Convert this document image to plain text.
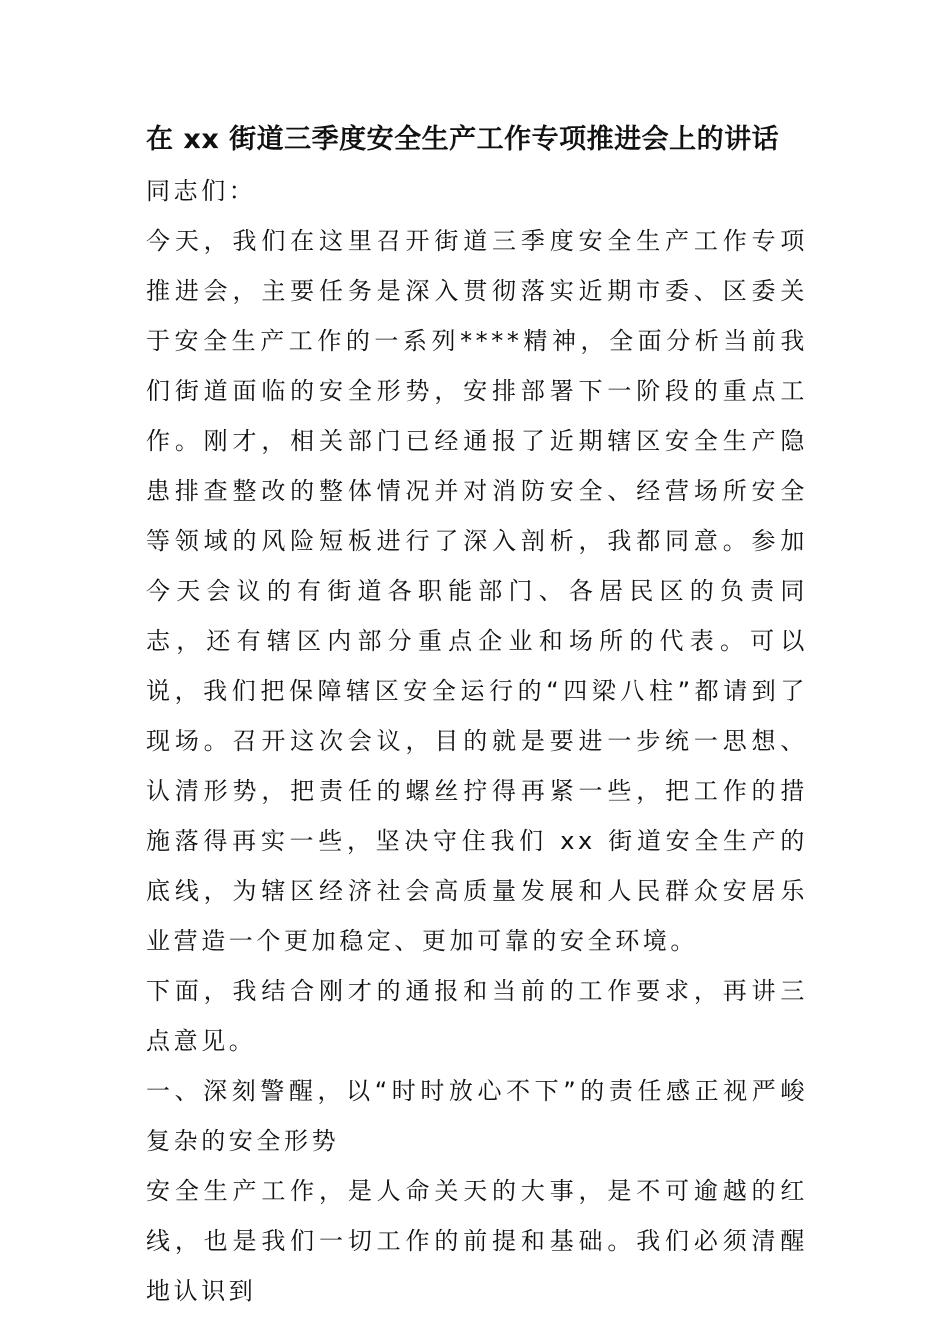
在 xx 街道三季度安全生产工作专项推进会上的讲话

同志们：

今天，我们在这里召开街道三季度安全生产工作专项推进会，主要任务是深入贯彻落实近期市委、区委关于安全生产工作的一系列****精神，全面分析当前我们街道面临的安全形势，安排部署下一阶段的重点工作。刚才，相关部门已经通报了近期辖区安全生产隐患排查整改的整体情况并对消防安全、经营场所安全等领域的风险短板进行了深入剖析，我都同意。参加今天会议的有街道各职能部门、各居民区的负责同志，还有辖区内部分重点企业和场所的代表。可以说，我们把保障辖区安全运行的“四梁八柱”都请到了现场。召开这次会议，目的就是要进一步统一思想、认清形势，把责任的螺丝拧得再紧一些，把工作的措施落得再实一些，坚决守住我们 xx 街道安全生产的底线，为辖区经济社会高质量发展和人民群众安居乐业营造一个更加稳定、更加可靠的安全环境。

下面，我结合刚才的通报和当前的工作要求，再讲三点意见。

一、深刻警醒，以“时时放心不下”的责任感正视严峻复杂的安全形势

安全生产工作，是人命关天的大事，是不可逾越的红线，也是我们一切工作的前提和基础。我们必须清醒地认识到
